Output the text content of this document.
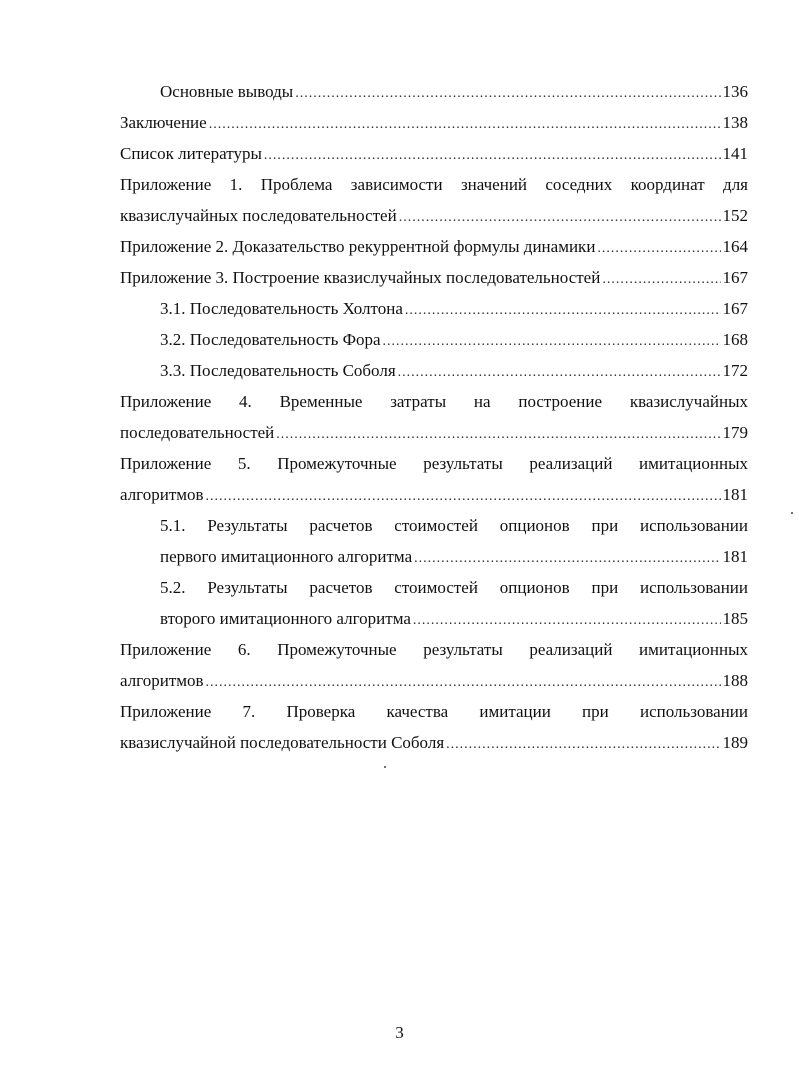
Основные выводы .....	136
Заключение .....	138
Список литературы .....	141
Приложение 1. Проблема зависимости значений соседних координат для
квазислучайных последовательностей .....	152
Приложение 2. Доказательство рекуррентной формулы динамики .....	164
Приложение 3. Построение квазислучайных последовательностей .....	167
3.1. Последовательность Холтона .....	167
3.2. Последовательность Фора .....	168
3.3. Последовательность Соболя .....	172
Приложение 4. Временные затраты на построение квазислучайных
последовательностей .....	179
Приложение 5. Промежуточные результаты реализаций имитационных
алгоритмов .....	181
5.1. Результаты расчетов стоимостей опционов при использовании
первого имитационного алгоритма .....	181
5.2. Результаты расчетов стоимостей опционов при использовании
второго имитационного алгоритма .....	185
Приложение 6. Промежуточные результаты реализаций имитационных
алгоритмов .....	188
Приложение 7. Проверка качества имитации при использовании
квазислучайной последовательности Соболя .....	189
3
